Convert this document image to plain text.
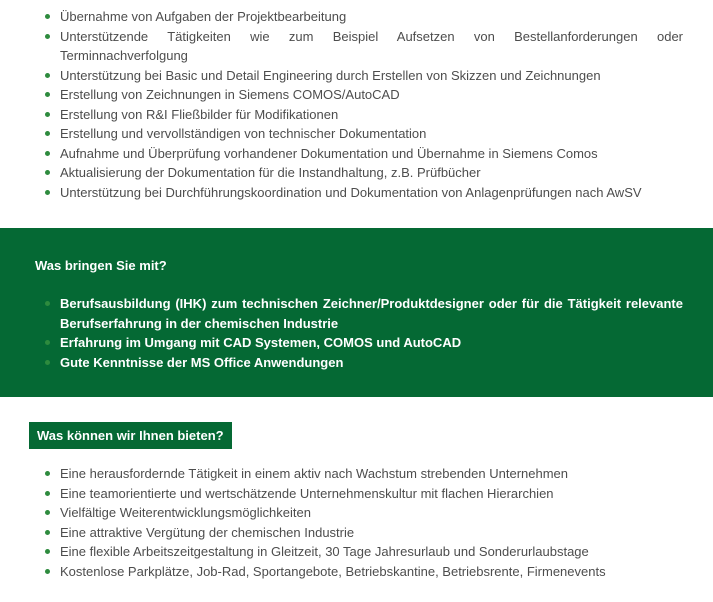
Übernahme von Aufgaben der Projektbearbeitung
Unterstützende Tätigkeiten wie zum Beispiel Aufsetzen von Bestellanforderungen oder Terminnachverfolgung
Unterstützung bei Basic und Detail Engineering durch Erstellen von Skizzen und Zeichnungen
Erstellung von Zeichnungen in Siemens COMOS/AutoCAD
Erstellung von R&I Fließbilder für Modifikationen
Erstellung und vervollständigen von technischer Dokumentation
Aufnahme und Überprüfung vorhandener Dokumentation und Übernahme in Siemens Comos
Aktualisierung der Dokumentation für die Instandhaltung, z.B. Prüfbücher
Unterstützung bei Durchführungskoordination und Dokumentation von Anlagenprüfungen nach AwSV
Was bringen Sie mit?
Berufsausbildung (IHK) zum technischen Zeichner/Produktdesigner oder für die Tätigkeit relevante Berufserfahrung in der chemischen Industrie
Erfahrung im Umgang mit CAD Systemen, COMOS und AutoCAD
Gute Kenntnisse der MS Office Anwendungen
Was können wir Ihnen bieten?
Eine herausfordernde Tätigkeit in einem aktiv nach Wachstum strebenden Unternehmen
Eine teamorientierte und wertschätzende Unternehmenskultur mit flachen Hierarchien
Vielfältige Weiterentwicklungsmöglichkeiten
Eine attraktive Vergütung der chemischen Industrie
Eine flexible Arbeitszeitgestaltung in Gleitzeit, 30 Tage Jahresurlaub und Sonderurlaubstage
Kostenlose Parkplätze, Job-Rad, Sportangebote, Betriebskantine, Betriebsrente, Firmenevents
